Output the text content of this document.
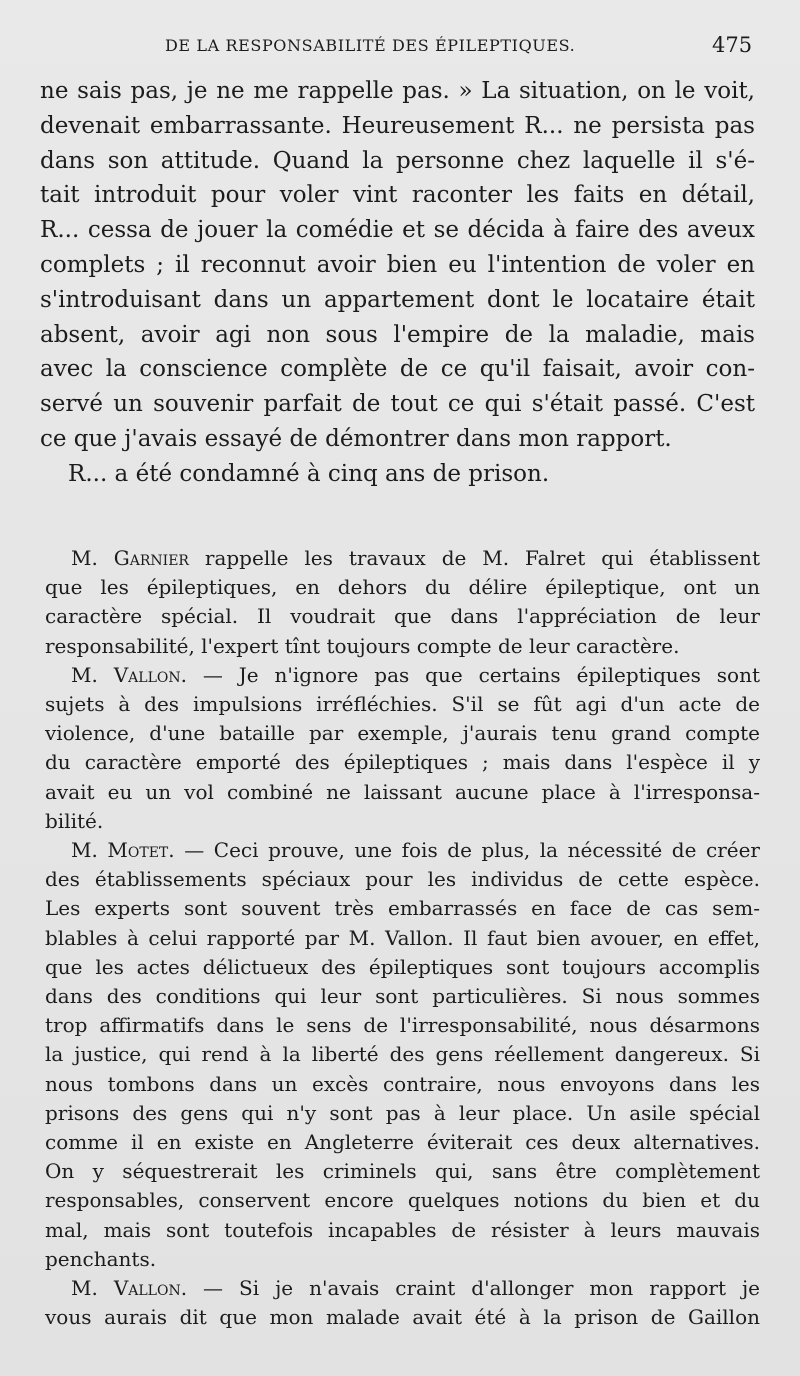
DE LA RESPONSABILITÉ DES ÉPILEPTIQUES.	475
ne sais pas, je ne me rappelle pas. » La situation, on le voit,
devenait embarrassante. Heureusement R... ne persista pas
dans son attitude. Quand la personne chez laquelle il s'é-
tait introduit pour voler vint raconter les faits en détail,
R... cessa de jouer la comédie et se décida à faire des aveux
complets ; il reconnut avoir bien eu l'intention de voler en
s'introduisant dans un appartement dont le locataire était
absent, avoir agi non sous l'empire de la maladie, mais
avec la conscience complète de ce qu'il faisait, avoir con-
servé un souvenir parfait de tout ce qui s'était passé. C'est
ce que j'avais essayé de démontrer dans mon rapport.
R... a été condamné à cinq ans de prison.
M. Garnier rappelle les travaux de M. Falret qui établissent
que les épileptiques, en dehors du délire épileptique, ont un
caractère spécial. Il voudrait que dans l'appréciation de leur
responsabilité, l'expert tînt toujours compte de leur caractère.
M. Vallon. — Je n'ignore pas que certains épileptiques sont
sujets à des impulsions irréfléchies. S'il se fût agi d'un acte de
violence, d'une bataille par exemple, j'aurais tenu grand compte
du caractère emporté des épileptiques ; mais dans l'espèce il y
avait eu un vol combiné ne laissant aucune place à l'irresponsa-
bilité.
M. Motet. — Ceci prouve, une fois de plus, la nécessité de créer
des établissements spéciaux pour les individus de cette espèce.
Les experts sont souvent très embarrassés en face de cas sem-
blables à celui rapporté par M. Vallon. Il faut bien avouer, en effet,
que les actes délictueux des épileptiques sont toujours accomplis
dans des conditions qui leur sont particulières. Si nous sommes
trop affirmatifs dans le sens de l'irresponsabilité, nous désarmons
la justice, qui rend à la liberté des gens réellement dangereux. Si
nous tombons dans un excès contraire, nous envoyons dans les
prisons des gens qui n'y sont pas à leur place. Un asile spécial
comme il en existe en Angleterre éviterait ces deux alternatives.
On y séquestrerait les criminels qui, sans être complètement
responsables, conservent encore quelques notions du bien et du
mal, mais sont toutefois incapables de résister à leurs mauvais
penchants.
M. Vallon. — Si je n'avais craint d'allonger mon rapport je
vous aurais dit que mon malade avait été à la prison de Gaillon
